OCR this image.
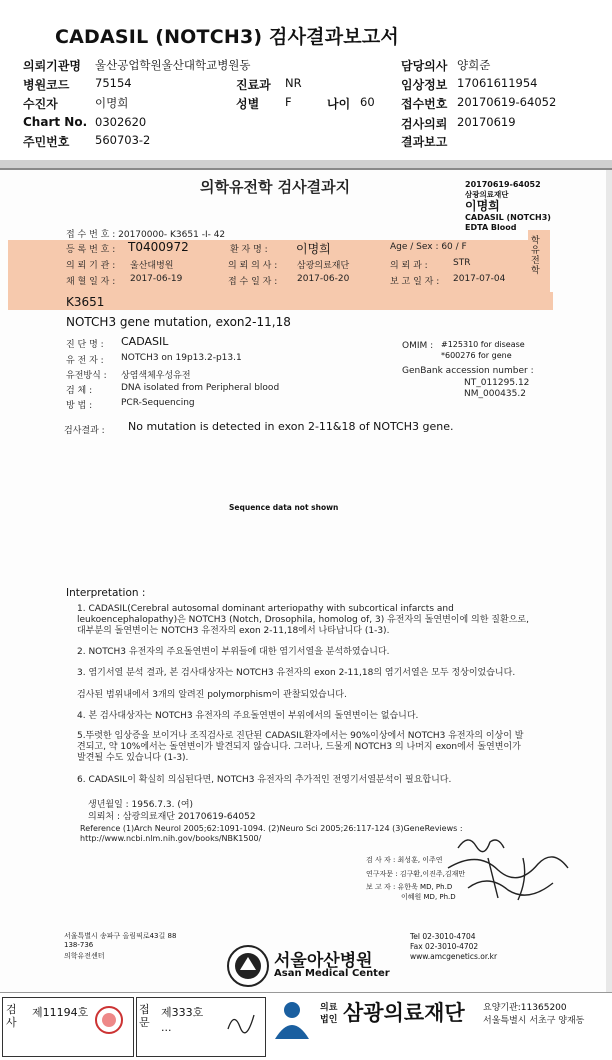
CADASIL (NOTCH3) 검사결과보고서
의뢰기관명 울산공업학원울산대학교병원동
병원코드 75154
수진자	이명희
Chart No. 0302620
주민번호 560703-2
진료과 NR
성별 F	나이 60
담당의사 양희준
임상정보 17061611954
접수번호 20170619-64052
검사의뢰 20170619
결과보고
의학유전학 검사결과지	20170619-64052
삼광의료재단
이명희
CADASIL (NOTCH3)
EDTA Blood
접 수 번 호 : 20170000- K3651 -I- 42
등 록 번 호 : T0400972	환 자 명 : 이명희	Age / Sex : 60 / F
학
유
전
학
의 뢰 기 관 : 울산대병원	의 뢰 의 사 : 삼광의료재단	의 뢰 과 :	STR
채 혈 일 자 : 2017-06-19	접 수 일 자 : 2017-06-20	보 고 일 자 : 2017-07-04
K3651
NOTCH3 gene mutation, exon2-11,18
진 단 명 : CADASIL
유 전 자 : NOTCH3 on 19p13.2-p13.1
유전방식 : 상염색체우성유전
검 체 :	DNA isolated from Peripheral blood
방 법 :	PCR-Sequencing
OMIM : #125310 for disease
*600276 for gene
GenBank accession number :
NT_011295.12
NM_000435.2
검사결과 : No mutation is detected in exon 2-11&18 of NOTCH3 gene.
Sequence data not shown
Interpretation :
1. CADASIL(Cerebral autosomal dominant arteriopathy with subcortical infarcts and leukoencephalopathy)은 NOTCH3 (Notch, Drosophila, homolog of, 3) 유전자의 돌연변이에 의한 질환으로, 대부분의 돌연변이는 NOTCH3 유전자의 exon 2-11,18에서 나타납니다 (1-3).
2. NOTCH3 유전자의 주요돌연변이 부위들에 대한 염기서열을 분석하였습니다.
3. 염기서열 분석 결과, 본 검사대상자는 NOTCH3 유전자의 exon 2-11,18의 염기서열은 모두 정상이었습니다.
검사된 범위내에서 3개의 알려진 polymorphism이 관찰되었습니다.
4. 본 검사대상자는 NOTCH3 유전자의 주요돌연변이 부위에서의 돌연변이는 없습니다.
5.뚜렷한 임상증을 보이거나 조직검사로 진단된 CADASIL환자에서는 90%이상에서 NOTCH3 유전자의 이상이 발견되고, 약 10%에서는 돌연변이가 발견되지 않습니다. 그러나, 드물게 NOTCH3 의 나머지 exon에서 돌연변이가 발견될 수도 있습니다 (1-3).
6. CADASIL이 확실히 의심된다면, NOTCH3 유전자의 추가적인 전영기서열분석이 필요합니다.
생년월일 : 1956.7.3. (여)
의뢰처 : 삼광의료재단 20170619-64052
Reference (1)Arch Neurol 2005;62:1091-1094. (2)Neuro Sci 2005;26:117-124 (3)GeneReviews : http://www.ncbi.nlm.nih.gov/books/NBK1500/
검 사 자 : 최성훈, 이주연
연구자문 : 김구환,이진주,김재만
보 고 자 : 유한욱 MD, Ph.D
이혜원 MD, Ph.D
서울특별시 송파구 올림픽로43길 88
138-736
의학유전센터	서울아산병원
Asan Medical Center
Tel 02-3010-4704
Fax 02-3010-4702
www.amcgenetics.or.kr
검
사
제11194호	접
문
제333호
...
의료
법인 삼광의료재단 요양기관:11365200
서울특별시 서초구 양재동
